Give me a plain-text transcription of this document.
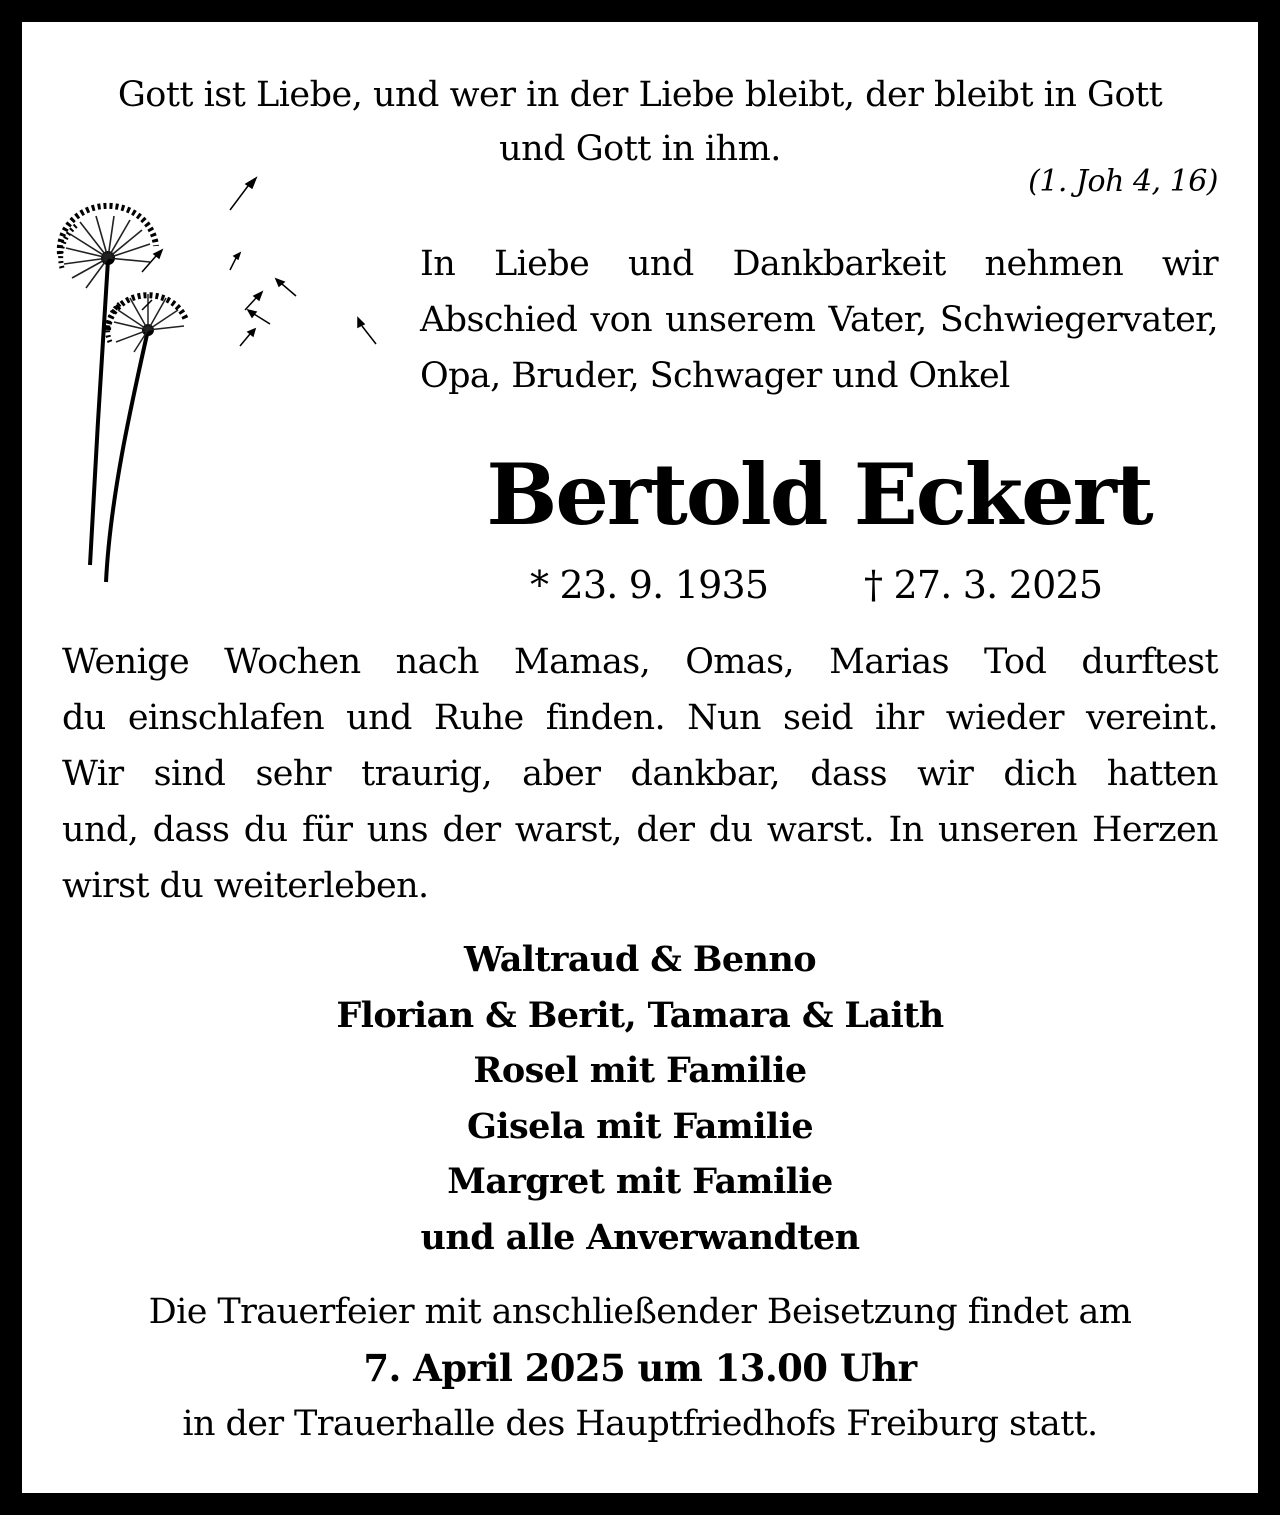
Gott ist Liebe, und wer in der Liebe bleibt, der bleibt in Gott
und Gott in ihm.
(1. Joh 4, 16)
In Liebe und Dankbarkeit nehmen wir
Abschied von unserem Vater, Schwiegervater,
Opa, Bruder, Schwager und Onkel
Bertold Eckert
* 23. 9. 1935	† 27. 3. 2025
Wenige Wochen nach Mamas, Omas, Marias Tod durftest
du einschlafen und Ruhe finden. Nun seid ihr wieder vereint.
Wir sind sehr traurig, aber dankbar, dass wir dich hatten
und, dass du für uns der warst, der du warst. In unseren Herzen
wirst du weiterleben.
Waltraud & Benno
Florian & Berit, Tamara & Laith
Rosel mit Familie
Gisela mit Familie
Margret mit Familie
und alle Anverwandten
Die Trauerfeier mit anschließender Beisetzung findet am
7. April 2025 um 13.00 Uhr
in der Trauerhalle des Hauptfriedhofs Freiburg statt.
